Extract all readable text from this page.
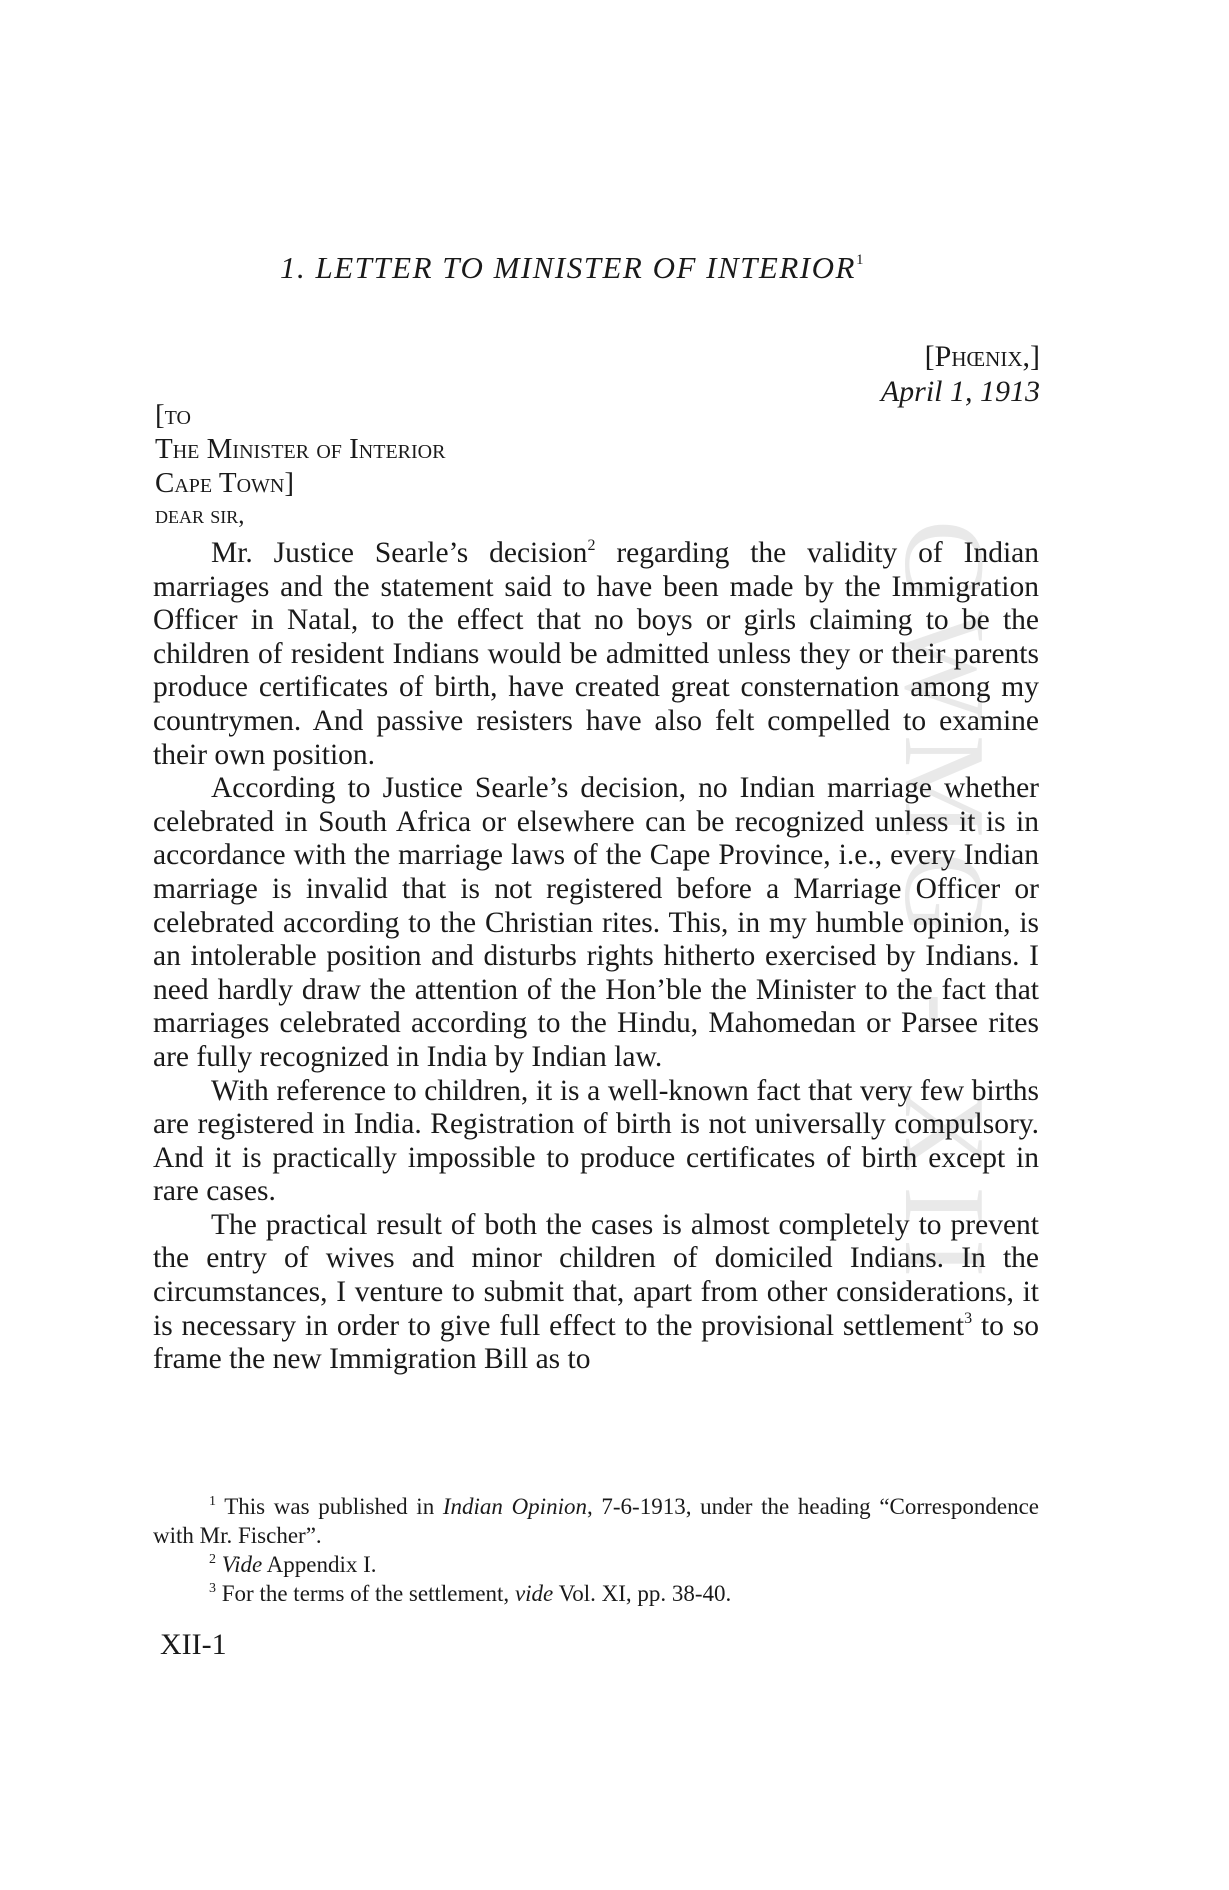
CWMG - XII
1. LETTER TO MINISTER OF INTERIOR$^1$
[Phœnix,]
April 1, 1913
[to
The Minister of Interior
Cape Town]
dear sir,

Mr. Justice Searle’s decision$^2$ regarding the validity of Indian marriages and the statement said to have been made by the Immigration Officer in Natal, to the effect that no boys or girls claiming to be the children of resident Indians would be admitted unless they or their parents produce certificates of birth, have created great consternation among my countrymen. And passive resisters have also felt compelled to examine their own position.

According to Justice Searle’s decision, no Indian marriage whether celebrated in South Africa or elsewhere can be recognized unless it is in accordance with the marriage laws of the Cape Province, i.e., every Indian marriage is invalid that is not registered before a Marriage Officer or celebrated according to the Christian rites. This, in my humble opinion, is an intolerable position and disturbs rights hitherto exercised by Indians. I need hardly draw the attention of the Hon’ble the Minister to the fact that marriages celebrated according to the Hindu, Mahomedan or Parsee rites are fully recognized in India by Indian law.

With reference to children, it is a well-known fact that very few births are registered in India. Registration of birth is not universally compulsory. And it is practically impossible to produce certificates of birth except in rare cases.

The practical result of both the cases is almost completely to prevent the entry of wives and minor children of domiciled Indians. In the circumstances, I venture to submit that, apart from other considerations, it is necessary in order to give full effect to the provisional settlement$^3$ to so frame the new Immigration Bill as to

$^1$ This was published in Indian Opinion, 7-6-1913, under the heading “Correspondence with Mr. Fischer”.

$^2$ Vide Appendix I.

$^3$ For the terms of the settlement, vide Vol. XI, pp. 38-40.

XII-1
